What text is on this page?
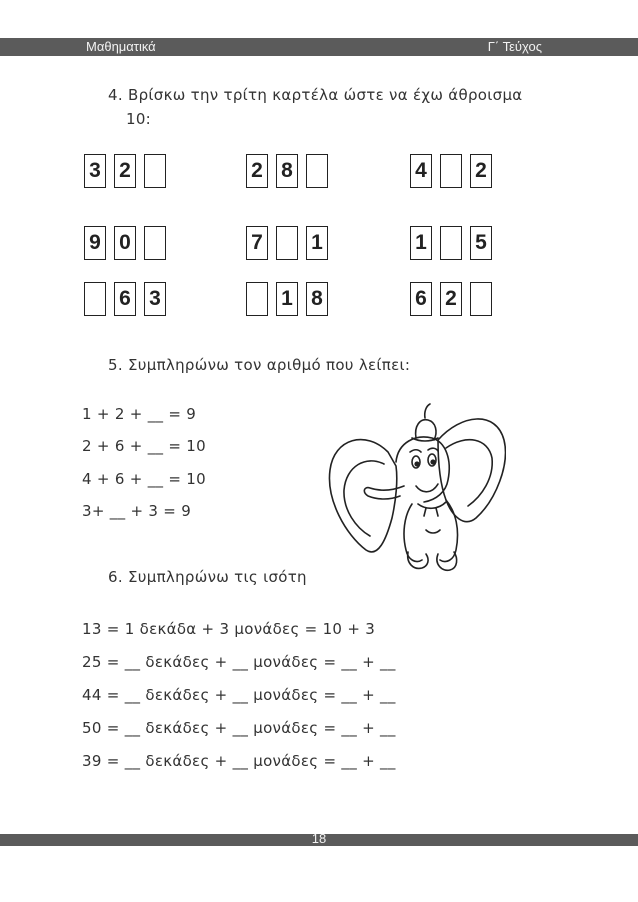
Μαθηματικά	Γ΄ Τεύχος
4. Βρίσκω την τρίτη καρτέλα ώστε να έχω άθροισμα
10:
3 2	2 8	4 2
9 0	7 1	1 5
6 3	1 8	6 2
5. Συμπληρώνω τον αριθμό που λείπει:
1 + 2 + __ = 9
2 + 6 + __ = 10
4 + 6 + __ = 10
3+ __ + 3 = 9
6. Συμπληρώνω τις ισότη
13 = 1 δεκάδα + 3 μονάδες = 10 + 3
25 = __ δεκάδες + __ μονάδες = __ + __
44 = __ δεκάδες + __ μονάδες = __ + __
50 = __ δεκάδες + __ μονάδες = __ + __
39 = __ δεκάδες + __ μονάδες = __ + __
18
